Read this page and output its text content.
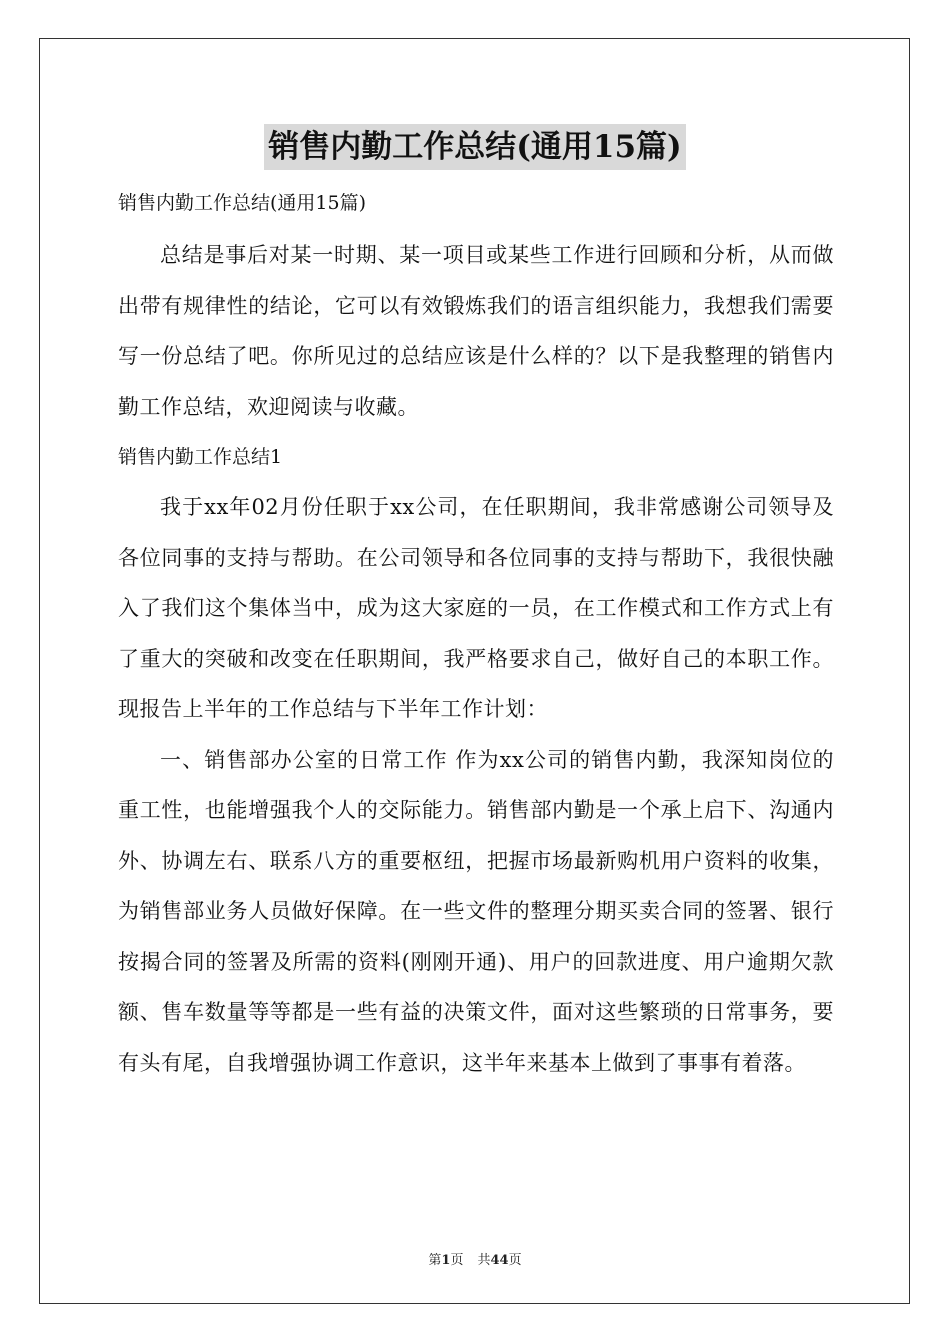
销售内勤工作总结(通用15篇)

销售内勤工作总结(通用15篇)

总结是事后对某一时期、某一项目或某些工作进行回顾和分析，从而做出带有规律性的结论，它可以有效锻炼我们的语言组织能力，我想我们需要写一份总结了吧。你所见过的总结应该是什么样的？以下是我整理的销售内勤工作总结，欢迎阅读与收藏。

销售内勤工作总结1

我于xx年02月份任职于xx公司，在任职期间，我非常感谢公司领导及各位同事的支持与帮助。在公司领导和各位同事的支持与帮助下，我很快融入了我们这个集体当中，成为这大家庭的一员，在工作模式和工作方式上有了重大的突破和改变在任职期间，我严格要求自己，做好自己的本职工作。现报告上半年的工作总结与下半年工作计划：

一、销售部办公室的日常工作 作为xx公司的销售内勤，我深知岗位的重工性，也能增强我个人的交际能力。销售部内勤是一个承上启下、沟通内外、协调左右、联系八方的重要枢纽，把握市场最新购机用户资料的收集，为销售部业务人员做好保障。在一些文件的整理分期买卖合同的签署、银行按揭合同的签署及所需的资料(刚刚开通)、用户的回款进度、用户逾期欠款额、售车数量等等都是一些有益的决策文件，面对这些繁琐的日常事务，要有头有尾，自我增强协调工作意识，这半年来基本上做到了事事有着落。

第1页 共44页
